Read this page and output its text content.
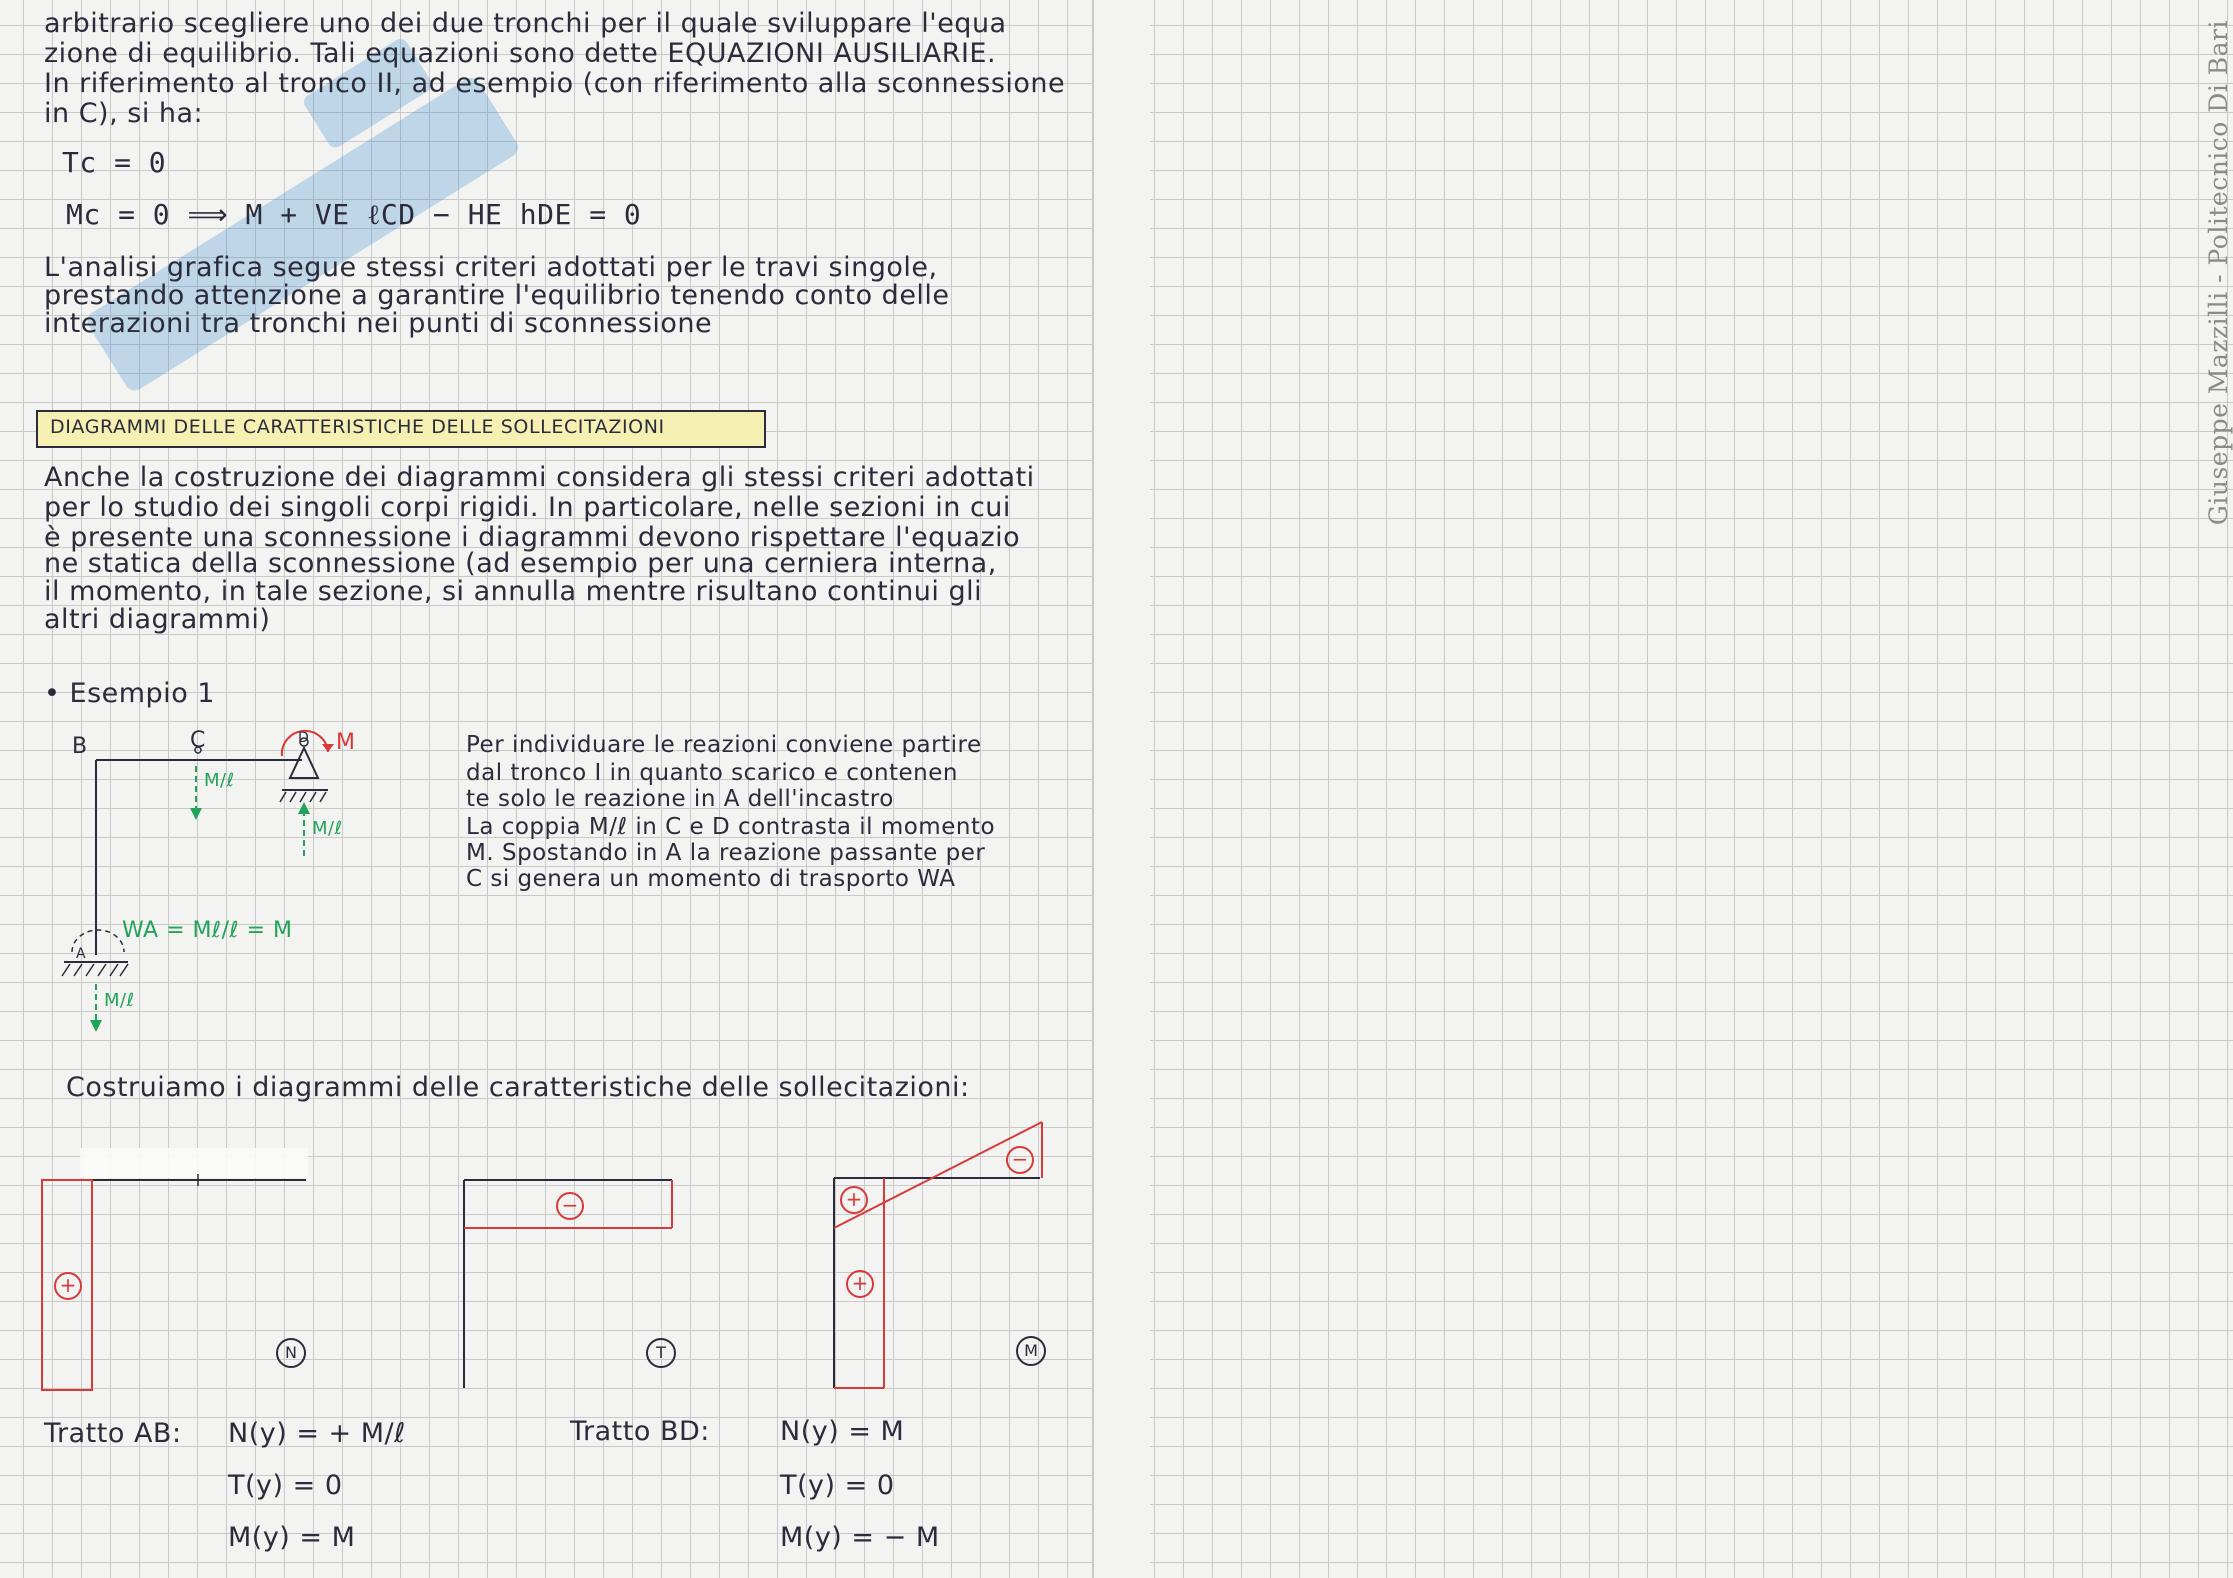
Giuseppe Mazzilli - Politecnico Di Bari
arbitrario scegliere uno dei due tronchi per il quale sviluppare l'equa
zione di equilibrio. Tali equazioni sono dette EQUAZIONI AUSILIARIE.
In riferimento al tronco II, ad esempio (con riferimento alla sconnessione
in C), si ha:
Tc = 0
Mc = 0 ⟹ M + VE ℓCD − HE hDE = 0
L'analisi grafica segue stessi criteri adottati per le travi singole,
prestando attenzione a garantire l'equilibrio tenendo conto delle
interazioni tra tronchi nei punti di sconnessione
DIAGRAMMI DELLE CARATTERISTICHE DELLE SOLLECITAZIONI
Anche la costruzione dei diagrammi considera gli stessi criteri adottati
per lo studio dei singoli corpi rigidi. In particolare, nelle sezioni in cui
è presente una sconnessione i diagrammi devono rispettare l'equazio
ne statica della sconnessione (ad esempio per una cerniera interna,
il momento, in tale sezione, si annulla mentre risultano continui gli
altri diagrammi)
• Esempio 1
B	C	D
A
M
M/ℓ
M/ℓ
M/ℓ
WA = Mℓ/ℓ = M
Per individuare le reazioni conviene partire
dal tronco I in quanto scarico e contenen
te solo le reazione in A dell'incastro
La coppia M/ℓ in C e D contrasta il momento
M. Spostando in A la reazione passante per
C si genera un momento di trasporto WA
Costruiamo i diagrammi delle caratteristiche delle sollecitazioni:
+
−	+
−
+
N	T	M
Tratto AB: N(y) = + M/ℓ
T(y) = 0
M(y) = M
Tratto BD:	N(y) = M
T(y) = 0
M(y) = − M
